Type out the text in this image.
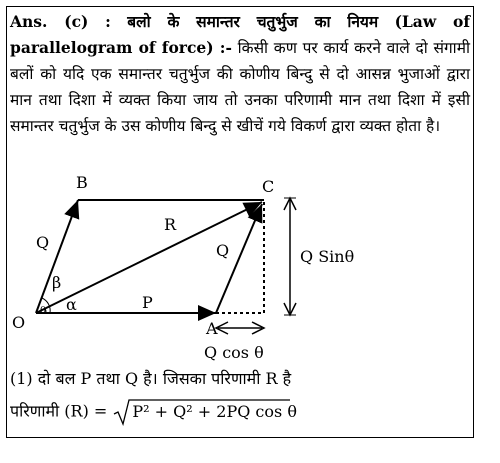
Ans. (c) : बलो के समान्तर चतुर्भुज का नियम (Law of parallelogram of force) :- किसी कण पर कार्य करने वाले दो संगामी बलों को यदि एक समान्तर चतुर्भुज की कोणीय बिन्दु से दो आसन्न भुजाओं द्वारा मान तथा दिशा में व्यक्त किया जाय तो उनका परिणामी मान तथा दिशा में इसी समान्तर चतुर्भुज के उस कोणीय बिन्दु से खीचें गये विकर्ण द्वारा व्यक्त होता है।
O	A
B	C
P
Q	Q
R
β
α
θ
Q Sinθ
Q cos θ
(1) दो बल P तथा Q है। जिसका परिणामी R है
परिणामी (R) = P² + Q² + 2PQ cos θ
